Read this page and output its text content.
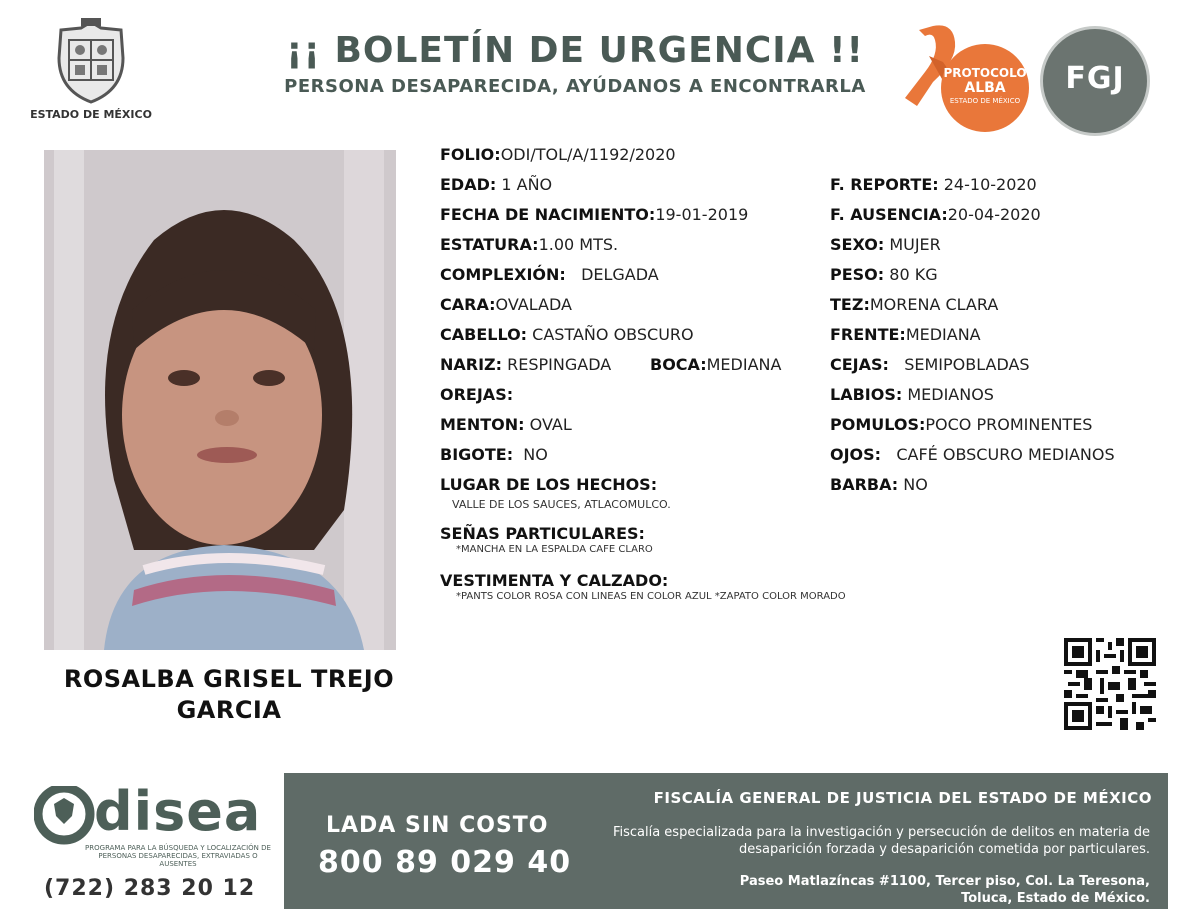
ESTADO DE MÉXICO
¡¡ BOLETÍN DE URGENCIA !!
PERSONA DESAPARECIDA, AYÚDANOS A ENCONTRARLA
PROTOCOLO
ALBA
ESTADO DE MÉXICO
FGJ
ROSALBA GRISEL TREJO
GARCIA
FOLIO:ODI/TOL/A/1192/2020
EDAD: 1 AÑO
FECHA DE NACIMIENTO:19-01-2019
ESTATURA:1.00 MTS.
COMPLEXIÓN: DELGADA
CARA:OVALADA
CABELLO: CASTAÑO OBSCURO
NARIZ: RESPINGADA BOCA:MEDIANA
OREJAS:
MENTON: OVAL
BIGOTE: NO
LUGAR DE LOS HECHOS:
VALLE DE LOS SAUCES, ATLACOMULCO.
SEÑAS PARTICULARES:
*MANCHA EN LA ESPALDA CAFE CLARO
VESTIMENTA Y CALZADO:
*PANTS COLOR ROSA CON LINEAS EN COLOR AZUL *ZAPATO COLOR MORADO
F. REPORTE: 24-10-2020
F. AUSENCIA:20-04-2020
SEXO: MUJER
PESO: 80 KG
TEZ:MORENA CLARA
FRENTE:MEDIANA
CEJAS: SEMIPOBLADAS
LABIOS: MEDIANOS
POMULOS:POCO PROMINENTES
OJOS: CAFÉ OBSCURO MEDIANOS
BARBA: NO
disea
PROGRAMA PARA LA BÚSQUEDA Y LOCALIZACIÓN DE PERSONAS DESAPARECIDAS, EXTRAVIADAS O AUSENTES
(722) 283 20 12
LADA SIN COSTO
800 89 029 40
FISCALÍA GENERAL DE JUSTICIA DEL ESTADO DE MÉXICO
Fiscalía especializada para la investigación y persecución de delitos en materia de desaparición forzada y desaparición cometida por particulares.
Paseo Matlazíncas #1100, Tercer piso, Col. La Teresona,
Toluca, Estado de México.
